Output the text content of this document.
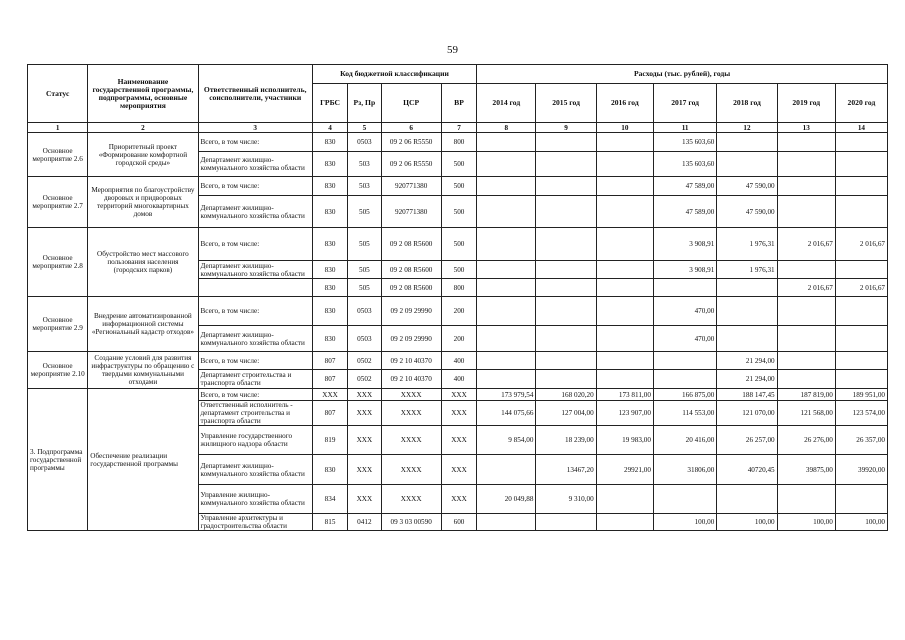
59
Статус	Наименование государственной программы, подпрограммы, основные мероприятия	Ответственный исполнитель, соисполнители, участники	Код бюджетной классификации				Расходы (тыс. рублей), годы						
			ГРБС	Рз, Пр	ЦСР	ВР	2014 год	2015 год	2016 год	2017 год	2018 год	2019 год	2020 год
1	2	3	4	5	6	7	8	9	10	11	12	13	14
Основное мероприятие 2.6	Приоритетный проект «Формирование комфортной городской среды»	Всего, в том числе:	830	0503	09 2 06 R5550	800				135 603,60			
		Департамент жилищно-коммунального хозяйства области	830	503	09 2 06 R5550	500				135 603,60			
Основное мероприятие 2.7	Мероприятия по благоустройству дворовых и придворовых территорий многоквартирных домов	Всего, в том числе:	830	503	920771380	500				47 589,00	47 590,00		
		Департамент жилищно-коммунального хозяйства области	830	505	920771380	500				47 589,00	47 590,00		
Основное мероприятие 2.8	Обустройство мест массового пользования населения (городских парков)	Всего, в том числе:	830	505	09 2 08 R5600	500				3 908,91	1 976,31	2 016,67	2 016,67
		Департамент жилищно-коммунального хозяйства области	830	505	09 2 08 R5600	500				3 908,91	1 976,31		
			830	505	09 2 08 R5600	800						2 016,67	2 016,67
Основное мероприятие 2.9	Внедрение автоматизированной информационной системы «Региональный кадастр отходов»	Всего, в том числе:	830	0503	09 2 09 29990	200				470,00			
		Департамент жилищно-коммунального хозяйства области	830	0503	09 2 09 29990	200				470,00			
Основное мероприятие 2.10	Создание условий для развития инфраструктуры по обращению с твердыми коммунальными отходами	Всего, в том числе:	807	0502	09 2 10 40370	400					21 294,00		
		Департамент строительства и транспорта области	807	0502	09 2 10 40370	400					21 294,00		
3. Подпрограмма государственной программы	Обеспечение реализации государственной программы	Всего, в том числе:	XXX	XXX	XXXX	XXX	173 979,54	168 020,20	173 811,00	166 875,00	188 147,45	187 819,00	189 951,00
		Ответственный исполнитель - департамент строительства и транспорта области	807	XXX	XXXX	XXX	144 075,66	127 004,00	123 907,00	114 553,00	121 070,00	121 568,00	123 574,00
		Управление государственного жилищного надзора области	819	XXX	XXXX	XXX	9 854,00	18 239,00	19 983,00	20 416,00	26 257,00	26 276,00	26 357,00
		Департамент жилищно-коммунального хозяйства области	830	XXX	XXXX	XXX		13467,20	29921,00	31806,00	40720,45	39875,00	39920,00
		Управление жилищно-коммунального хозяйства области	834	XXX	XXXX	XXX	20 049,88	9 310,00					
		Управление архитектуры и градостроительства области	815	0412	09 3 03 00590	600				100,00	100,00	100,00	100,00
